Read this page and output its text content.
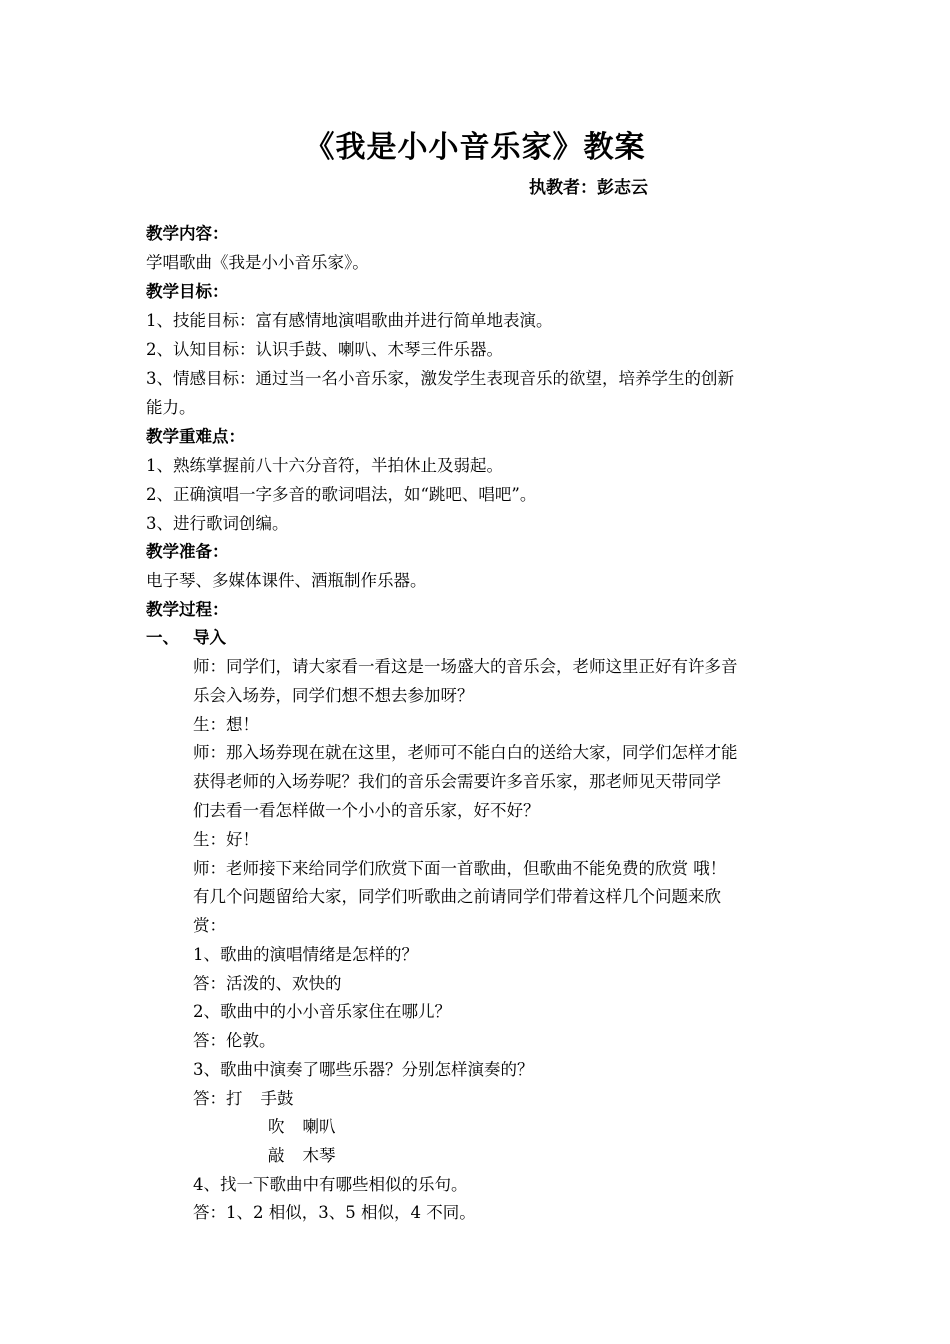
《我是小小音乐家》教案
执教者：彭志云
教学内容：
学唱歌曲《我是小小音乐家》。
教学目标：
1、技能目标：富有感情地演唱歌曲并进行简单地表演。
2、认知目标：认识手鼓、喇叭、木琴三件乐器。
3、情感目标：通过当一名小音乐家，激发学生表现音乐的欲望，培养学生的创新
能力。
教学重难点：
1、熟练掌握前八十六分音符，半拍休止及弱起。
2、正确演唱一字多音的歌词唱法，如“跳吧、唱吧”。
3、进行歌词创编。
教学准备：
电子琴、多媒体课件、酒瓶制作乐器。
教学过程：
一、 导入
师：同学们，请大家看一看这是一场盛大的音乐会，老师这里正好有许多音
乐会入场券，同学们想不想去参加呀？
生：想！
师：那入场券现在就在这里，老师可不能白白的送给大家，同学们怎样才能
获得老师的入场券呢？我们的音乐会需要许多音乐家，那老师见天带同学
们去看一看怎样做一个小小的音乐家，好不好？
生：好！
师：老师接下来给同学们欣赏下面一首歌曲，但歌曲不能免费的欣赏 哦！
有几个问题留给大家，同学们听歌曲之前请同学们带着这样几个问题来欣
赏：
1、歌曲的演唱情绪是怎样的？
答：活泼的、欢快的
2、歌曲中的小小音乐家住在哪儿？
答：伦敦。
3、歌曲中演奏了哪些乐器？分别怎样演奏的？
答：打 手鼓
吹 喇叭
敲 木琴
4、找一下歌曲中有哪些相似的乐句。
答：1、2 相似，3、5 相似，4 不同。
